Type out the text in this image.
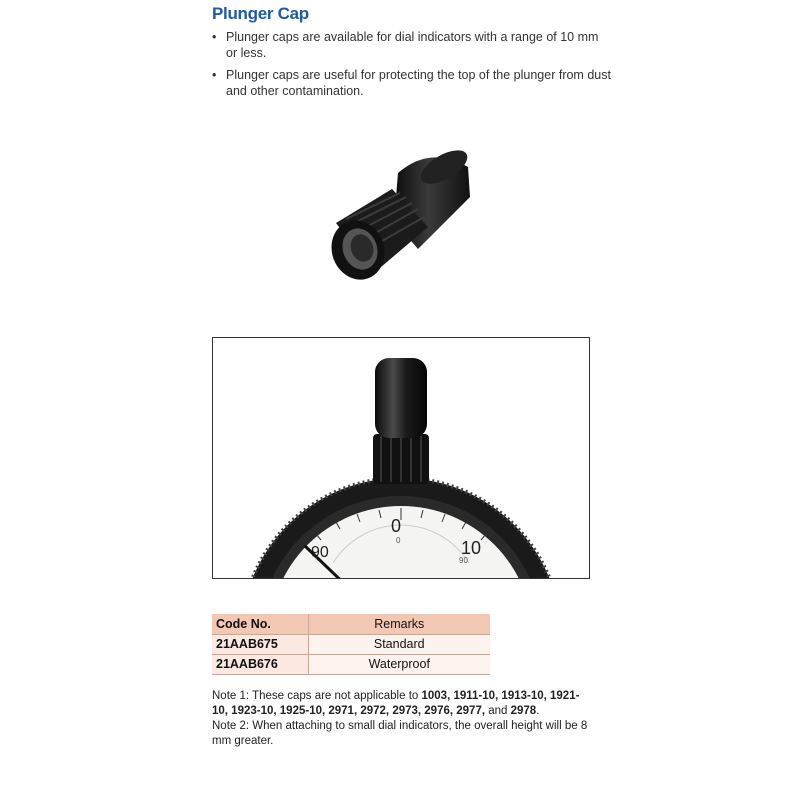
Plunger Cap
• Plunger caps are available for dial indicators with a range of 10 mm or less.
• Plunger caps are useful for protecting the top of the plunger from dust and other contamination.
0
0	10
90	90
Code No.	Remarks
21AAB675	Standard
21AAB676	Waterproof

Note 1: These caps are not applicable to 1003, 1911-10, 1913-10, 1921-10, 1923-10, 1925-10, 2971, 2972, 2973, 2976, 2977, and 2978.

Note 2: When attaching to small dial indicators, the overall height will be 8 mm greater.
